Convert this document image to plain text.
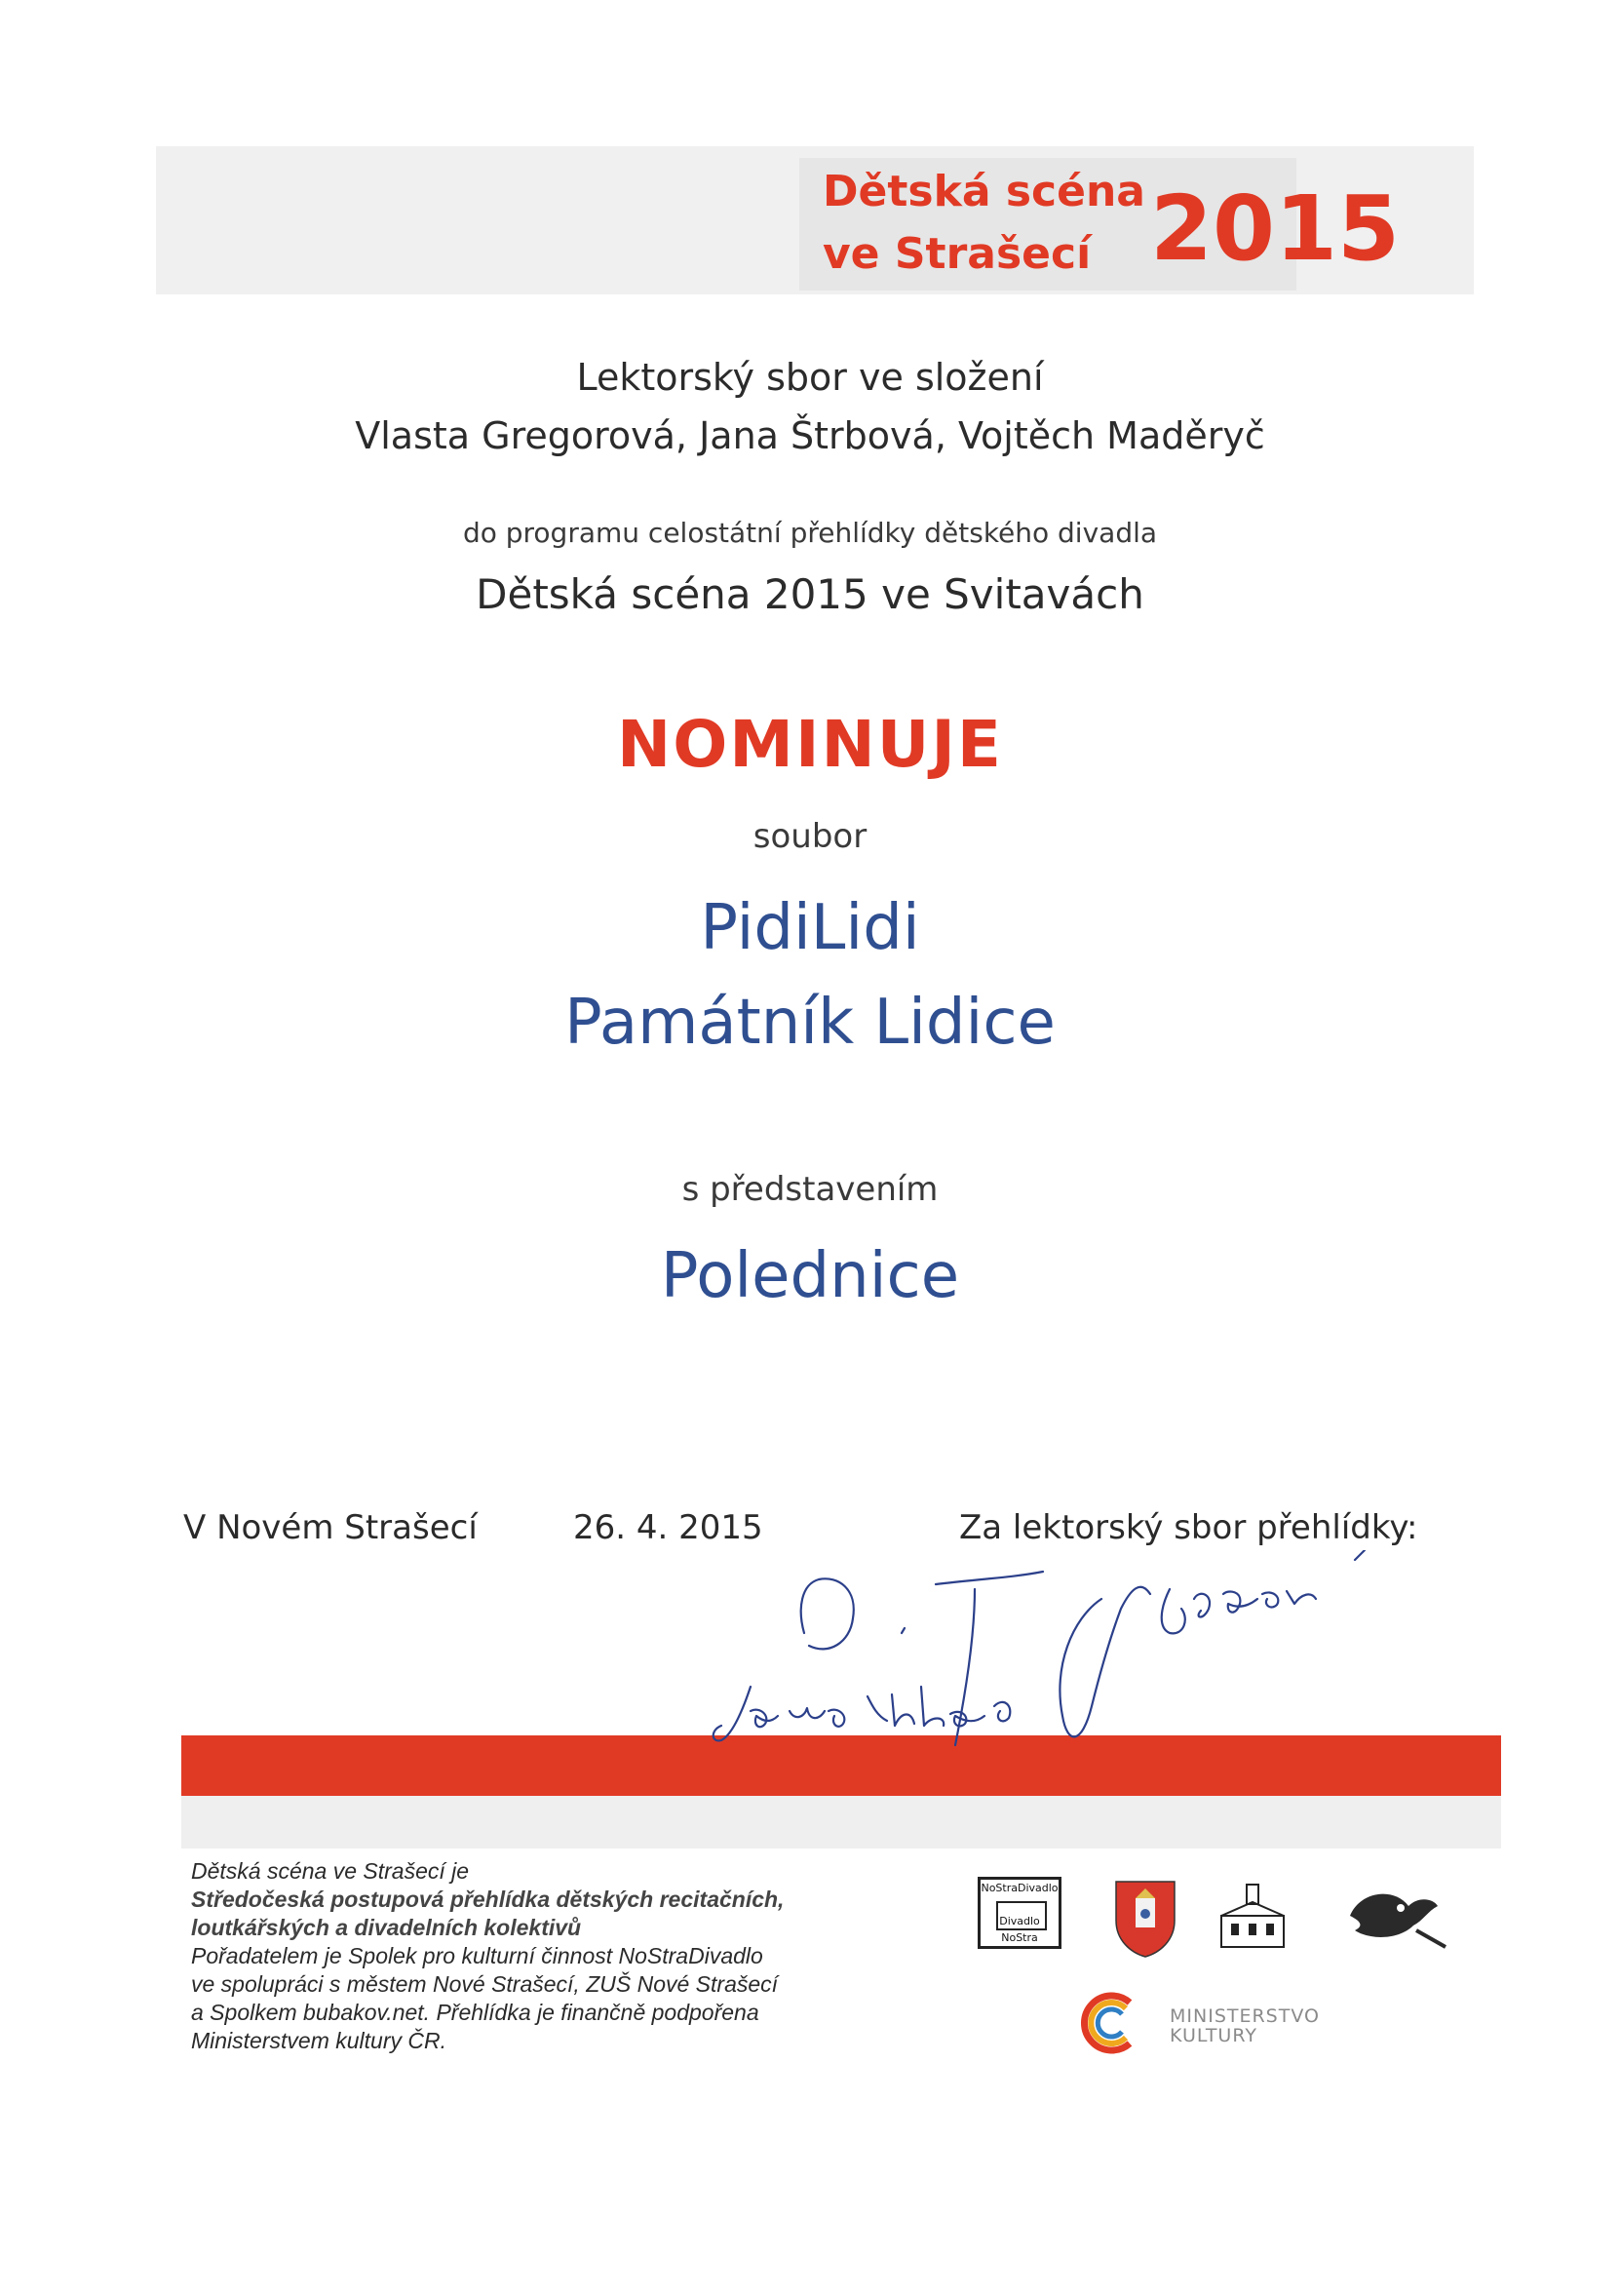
Dětská scéna
ve Strašecí 2015
Lektorský sbor ve složení
Vlasta Gregorová, Jana Štrbová, Vojtěch Maděryč
do programu celostátní přehlídky dětského divadla
Dětská scéna 2015 ve Svitavách
NOMINUJE
soubor
PidiLidi
Památník Lidice
s představením
Polednice
V Novém Strašecí	26. 4. 2015	Za lektorský sbor přehlídky:
Dětská scéna ve Strašecí je
Středočeská postupová přehlídka dětských recitačních,
loutkářských a divadelních kolektivů
Pořadatelem je Spolek pro kulturní činnost NoStraDivadlo
ve spolupráci s městem Nové Strašecí, ZUŠ Nové Strašecí
a Spolkem bubakov.net. Přehlídka je finančně podpořena
Ministerstvem kultury ČR.
NoStraDivadlo
Divadlo
NoStra
MINISTERSTVO
KULTURY
